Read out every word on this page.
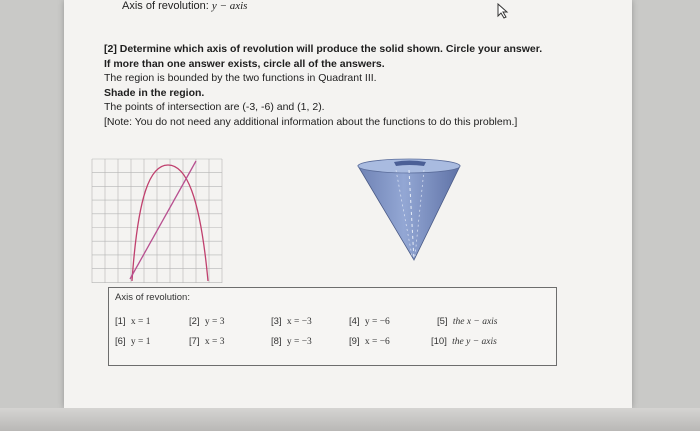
Axis of revolution: y − axis
[2] Determine which axis of revolution will produce the solid shown. Circle your answer.
If more than one answer exists, circle all of the answers.
The region is bounded by the two functions in Quadrant III.
Shade in the region.
The points of intersection are (-3, -6) and (1, 2).
[Note: You do not need any additional information about the functions to do this problem.]
Axis of revolution:
[1] x = 1	[2] y = 3	[3] x = −3	[4] y = −6	[5] the x − axis
[6] y = 1	[7] x = 3	[8] y = −3	[9] x = −6	[10] the y − axis
